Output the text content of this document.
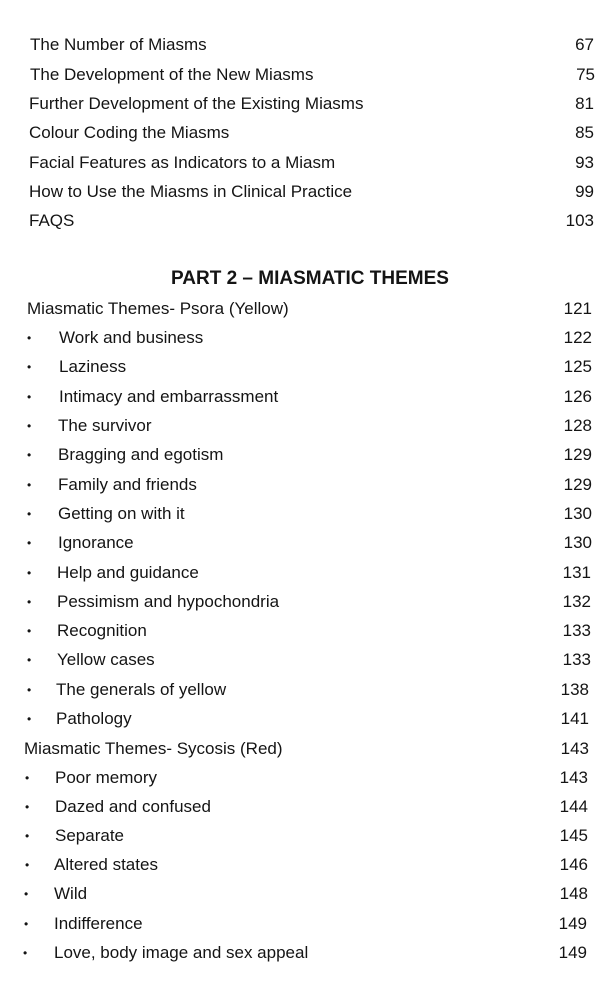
The Number of Miasms	67
The Development of the New Miasms	75
Further Development of the Existing Miasms	81
Colour Coding the Miasms	85
Facial Features as Indicators to a Miasm	93
How to Use the Miasms in Clinical Practice	99
FAQS	103
PART 2 – MIASMATIC THEMES
Miasmatic Themes- Psora (Yellow)	121
• Work and business	122
• Laziness	125
• Intimacy and embarrassment	126
• The survivor	128
• Bragging and egotism	129
• Family and friends	129
• Getting on with it	130
• Ignorance	130
• Help and guidance	131
• Pessimism and hypochondria	132
• Recognition	133
• Yellow cases	133
• The generals of yellow	138
• Pathology	141
Miasmatic Themes- Sycosis (Red)	143
• Poor memory	143
• Dazed and confused	144
• Separate	145
• Altered states	146
• Wild	148
• Indifference	149
• Love, body image and sex appeal	149
